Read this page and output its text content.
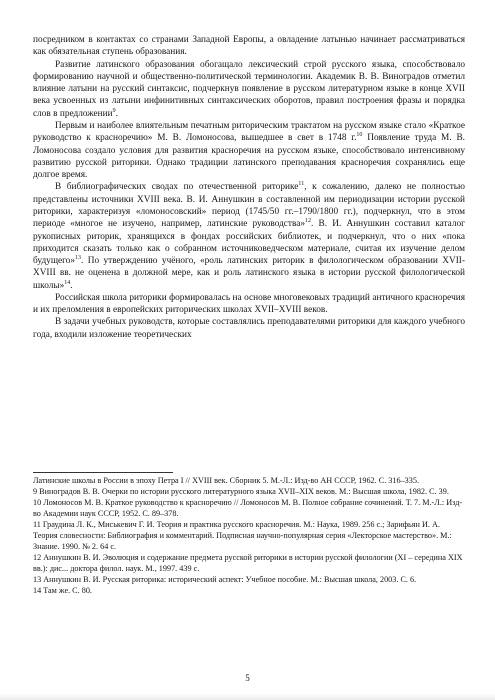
посредником в контактах со странами Западной Европы, а овладение латынью начинает рассматриваться как обязательная ступень образования.

Развитие латинского образования обогащало лексический строй русского языка, способствовало формированию научной и общественно-политической терминологии. Академик В. В. Виноградов отметил влияние латыни на русский синтаксис, подчеркнув появление в русском литературном языке в конце XVII века усвоенных из латыни инфинитивных синтаксических оборотов, правил построения фразы и порядка слов в предложении$^9$.

Первым и наиболее влиятельным печатным риторическим трактатом на русском языке стало «Краткое руководство к красноречию» М. В. Ломоносова, вышедшее в свет в 1748 г.$^{10}$ Появление труда М. В. Ломоносова создало условия для развития красноречия на русском языке, способствовало интенсивному развитию русской риторики. Однако традиции латинского преподавания красноречия сохранялись еще долгое время.

В библиографических сводах по отечественной риторике$^{11}$, к сожалению, далеко не полностью представлены источники XVIII века. В. И. Аннушкин в составленной им периодизации истории русской риторики, характеризуя «ломоносовский» период (1745/50 гг.–1790/1800 гг.), подчеркнул, что в этом периоде «многое не изучено, например, латинские руководства»$^{12}$. В. И. Аннушкин составил каталог рукописных риторик, хранящихся в фондах российских библиотек, и подчеркнул, что о них «пока приходится сказать только как о собранном источниковедческом материале, считая их изучение делом будущего»$^{13}$. По утверждению учёного, «роль латинских риторик в филологическом образовании XVII-XVIII вв. не оценена в должной мере, как и роль латинского языка в истории русской филологической школы»$^{14}$.

Российская школа риторики формировалась на основе многовековых традиций античного красноречия и их преломления в европейских риторических школах XVII–XVIII веков.

В задачи учебных руководств, которые составлялись преподавателями риторики для каждого учебного года, входили изложение теоретических

Латинские школы в России в эпоху Петра I // XVIII век. Сборник 5. М.-Л.: Изд-во АН СССР, 1962. С. 316–335.

9 Виноградов В. В. Очерки по истории русского литературного языка XVII–XIX веков. М.: Высшая школа, 1982. С. 39.

10 Ломоносов М. В. Краткое руководство к красноречию // Ломоносов М. В. Полное собрание сочинений. Т. 7. М.-Л.: Изд-во Академии наук СССР, 1952. С. 89–378.

11 Граудина Л. К., Миськевич Г. И. Теория и практика русского красноречия. М.: Наука, 1989. 256 с.; Зарифьян И. А. Теория словесности: Библиография и комментарий. Подписная научно-популярная серия «Лекторское мастерство». М.: Знание. 1990. № 2. 64 с.

12 Аннушкин В. И. Эволюция и содержание предмета русской риторики в истории русской филологии (XI – середина XIX вв.): дис... доктора филол. наук. М., 1997. 439 с.

13 Аннушкин В. И. Русская риторика: исторический аспект: Учебное пособие. М.: Высшая школа, 2003. С. 6.

14 Там же. С. 80.

5
